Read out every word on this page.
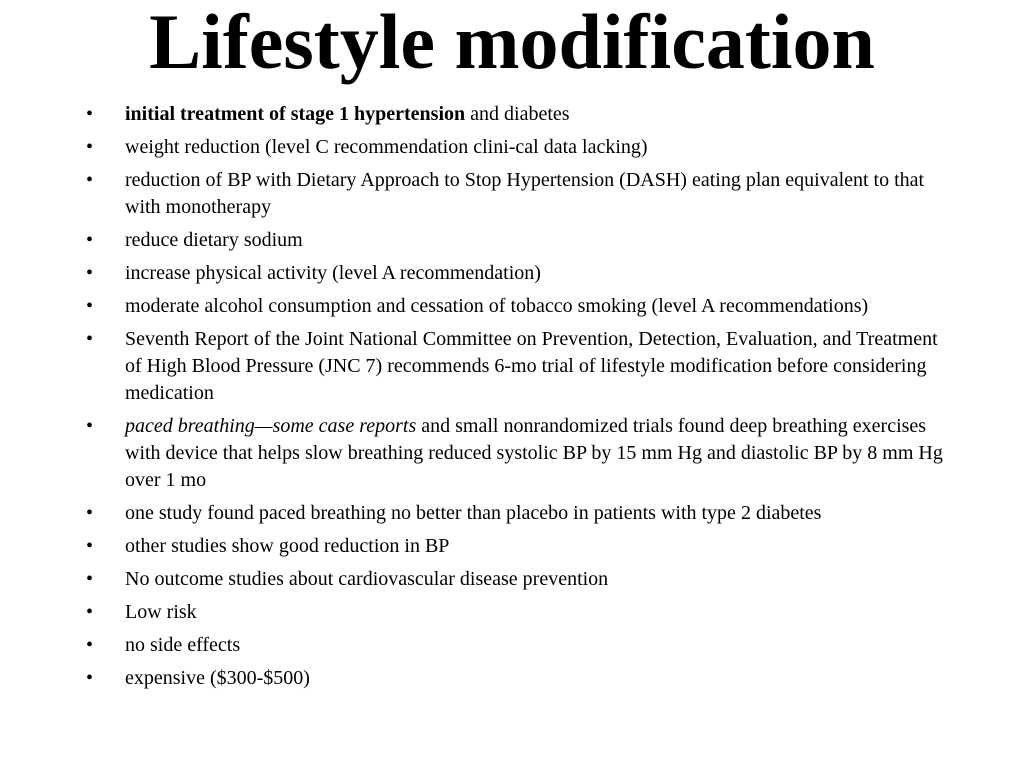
Lifestyle modification
•	initial treatment of stage 1 hypertension and diabetes
•	weight reduction (level C recommendation clini-cal data lacking)
•	reduction of BP with Dietary Approach to Stop Hypertension (DASH) eating plan equivalent to that with monotherapy
•	reduce dietary sodium
•	increase physical activity (level A recommendation)
•	moderate alcohol consumption and cessation of tobacco smoking (level A recommendations)
•	Seventh Report of the Joint National Committee on Prevention, Detection, Evaluation, and Treatment of High Blood Pressure (JNC 7) recommends 6-mo trial of lifestyle modification before considering medication
•	paced breathing—some case reports and small nonrandomized trials found deep breathing exercises with device that helps slow breathing reduced systolic BP by 15 mm Hg and diastolic BP by 8 mm Hg over 1 mo
•	one study found paced breathing no better than placebo in patients with type 2 diabetes
•	other studies show good reduction in BP
•	No outcome studies about cardiovascular disease prevention
•	Low risk
•	no side effects
•	expensive ($300-$500)
